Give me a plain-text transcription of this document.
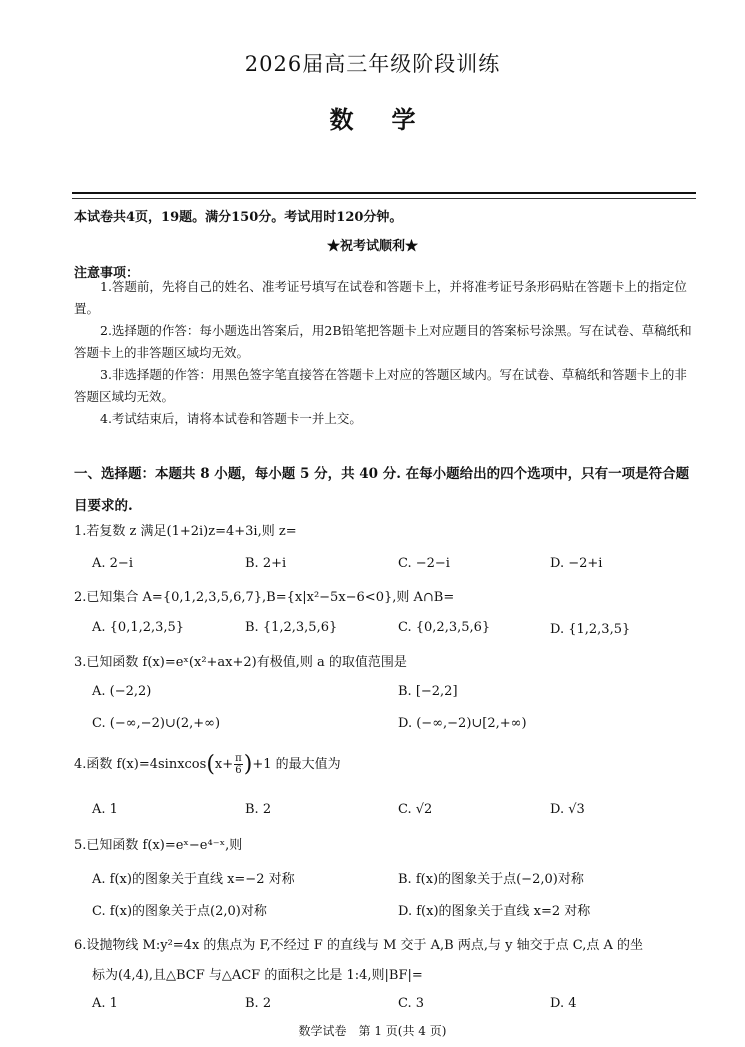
2026届高三年级阶段训练
数学
本试卷共4页，19题。满分150分。考试用时120分钟。
★祝考试顺利★
注意事项：
1.答题前，先将自己的姓名、准考证号填写在试卷和答题卡上，并将准考证号条形码贴在答题卡上的指定位置。
2.选择题的作答：每小题选出答案后，用2B铅笔把答题卡上对应题目的答案标号涂黑。写在试卷、草稿纸和答题卡上的非答题区域均无效。
3.非选择题的作答：用黑色签字笔直接答在答题卡上对应的答题区域内。写在试卷、草稿纸和答题卡上的非答题区域均无效。
4.考试结束后，请将本试卷和答题卡一并上交。
一、选择题：本题共 8 小题，每小题 5 分，共 40 分. 在每小题给出的四个选项中，只有一项是符合题目要求的.
1.若复数 z 满足(1+2i)z=4+3i,则 z=
A. 2−i	B. 2+i	C. −2−i	D. −2+i
2.已知集合 A={0,1,2,3,5,6,7},B={x|x²−5x−6<0},则 A∩B=
A. {0,1,2,3,5}	B. {1,2,3,5,6}	C. {0,2,3,5,6}	D. {1,2,3,5}
3.已知函数 f(x)=eˣ(x²+ax+2)有极值,则 a 的取值范围是
A. (−2,2)	B. [−2,2]
C. (−∞,−2)∪(2,+∞)	D. (−∞,−2)∪[2,+∞)
4.函数 f(x)=4sinxcos(x+ $\frac{\pi}{6} )+1$ 的最大值为
A. 1	B. 2	C. √2	D. √3
5.已知函数 f(x)=eˣ−e⁴⁻ˣ,则
A. f(x)的图象关于直线 x=−2 对称	B. f(x)的图象关于点(−2,0)对称
C. f(x)的图象关于点(2,0)对称	D. f(x)的图象关于直线 x=2 对称
6.设抛物线 M:y²=4x 的焦点为 F,不经过 F 的直线与 M 交于 A,B 两点,与 y 轴交于点 C,点 A 的坐
标为(4,4),且△BCF 与△ACF 的面积之比是 1:4,则|BF|=
A. 1	B. 2	C. 3	D. 4
数学试卷　第 1 页(共 4 页)
